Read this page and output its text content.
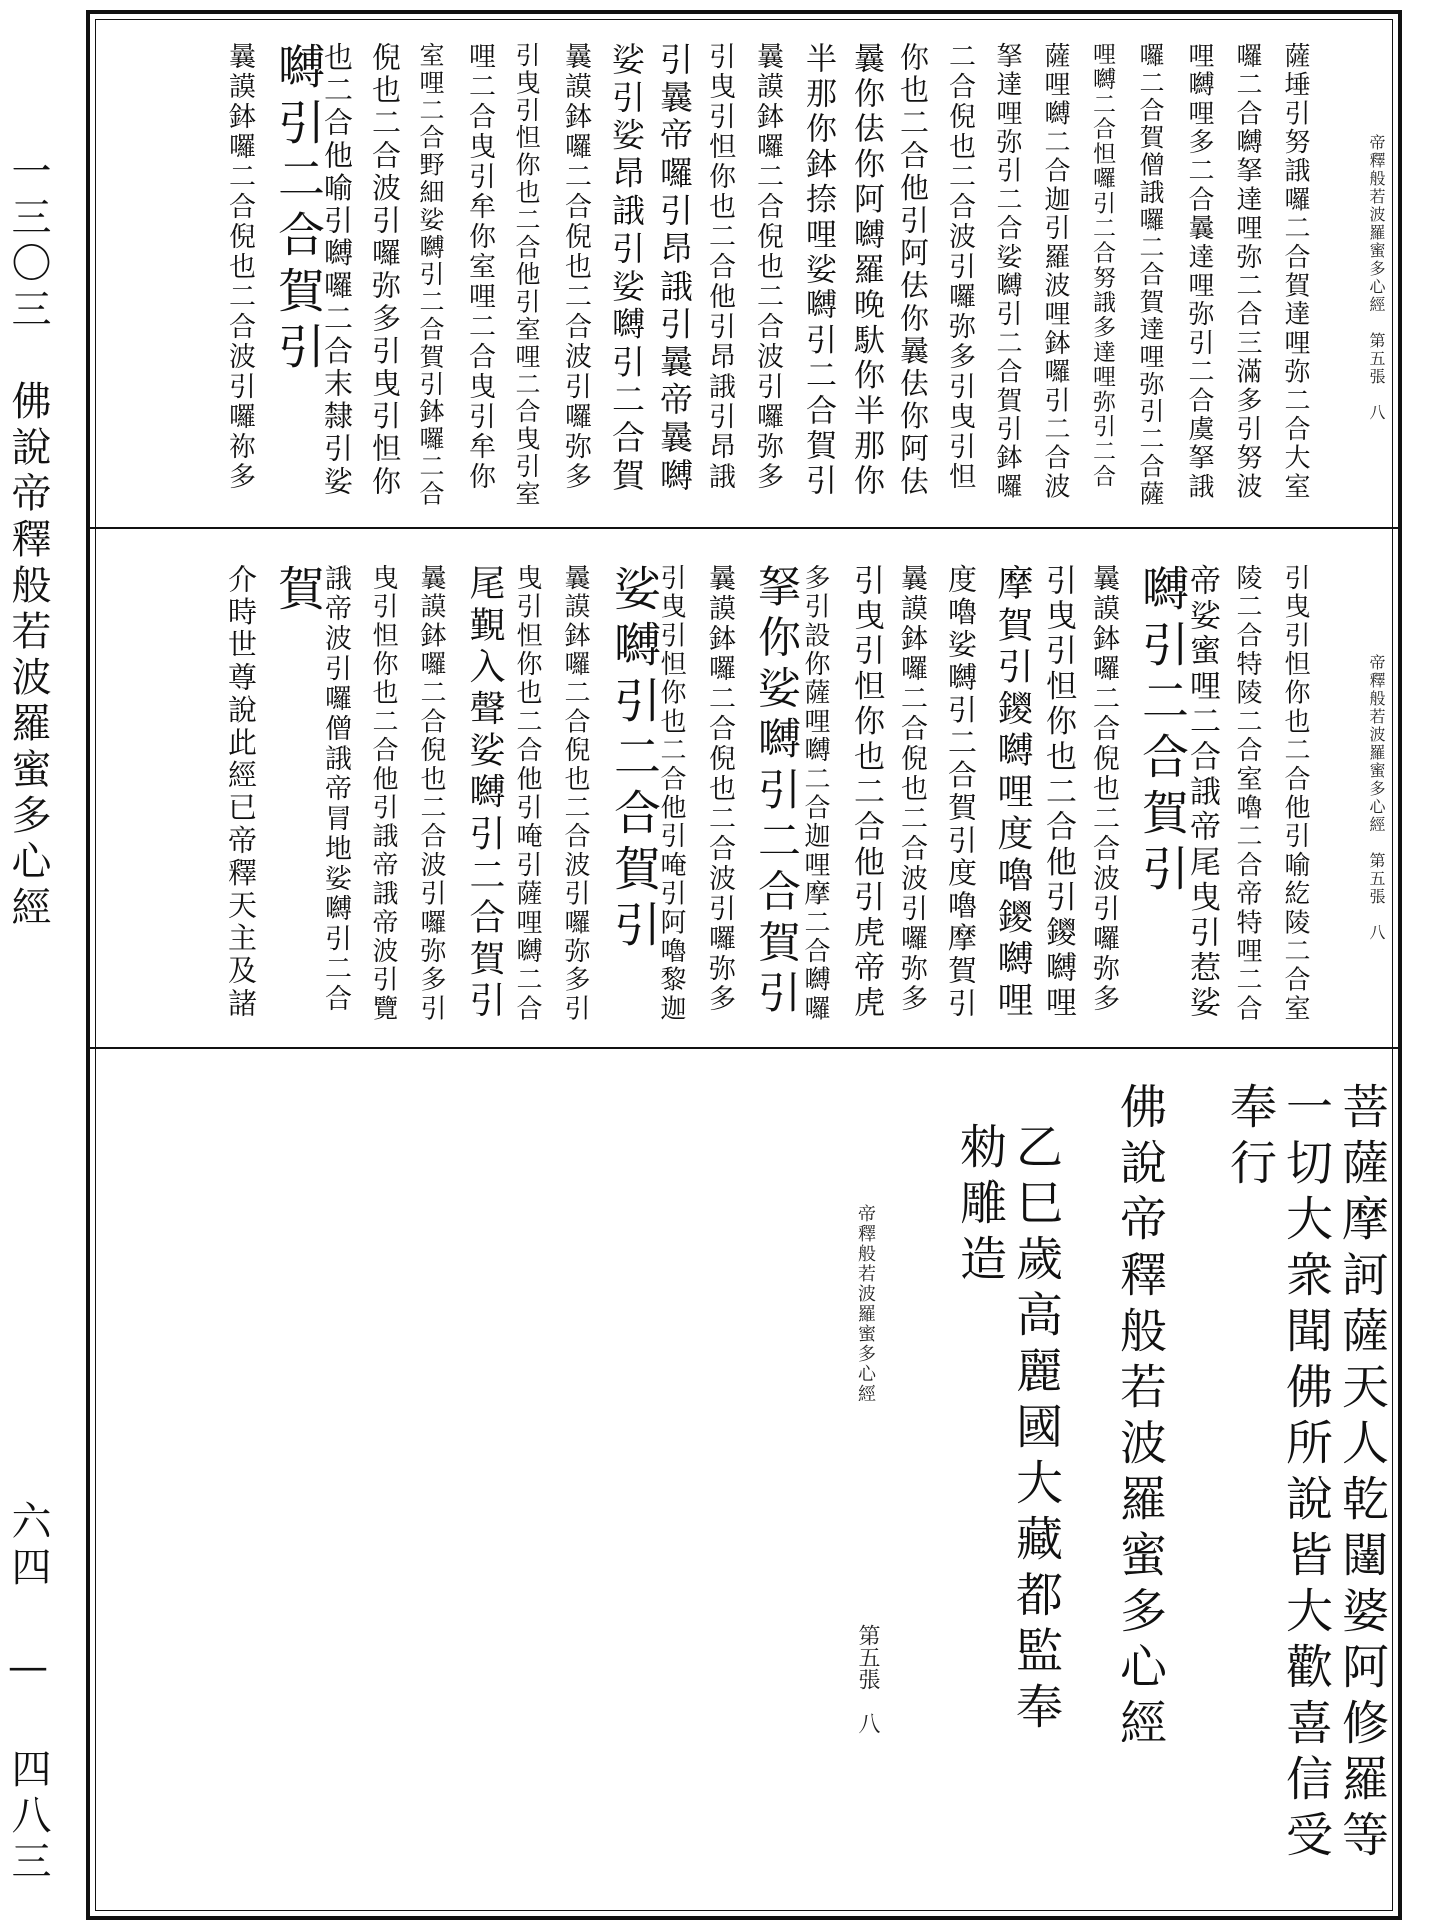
一三〇三　佛說帝釋般若波羅蜜多心經
六四 — 四八三
帝釋般若波羅蜜多心經　第五張　八
薩埵引努誐囉二合賀達哩弥二合大室
囉二合嚩拏達哩弥二合三滿多引努波
哩嚩哩多二合曩達哩弥引二合虞拏誐
囉二合賀僧誐囉二合賀達哩弥引二合薩
哩嚩二合怛囉引二合努誐多達哩弥引二合
薩哩嚩二合迦引羅波哩鉢囉引二合波
拏達哩弥引二合娑嚩引二合賀引鉢囉
二合倪也二合波引囉弥多引曳引怛
你也二合他引阿佉你曩佉你阿佉
曩你佉你阿嚩羅晚馱你半那你
半那你鉢捺哩娑嚩引二合賀引
曩謨鉢囉二合倪也二合波引囉弥多
引曳引怛你也二合他引昂誐引昂誐
引曩帝囉引昂誐引曩帝曩嚩
娑引娑昂誐引娑嚩引二合賀
曩謨鉢囉二合倪也二合波引囉弥多
引曳引怛你也二合他引室哩二合曳引室
哩二合曳引牟你室哩二合曳引牟你
室哩二合野細娑嚩引二合賀引鉢囉二合
倪也二合波引囉弥多引曳引怛你
也二合他喻引嚩囉二合末隸引娑
嚩引二合賀引
曩謨鉢囉二合倪也二合波引囉祢多
帝釋般若波羅蜜多心經　第五張　八
引曳引怛你也二合他引喻紇陵二合室
陵二合特陵二合室嚕二合帝特哩二合
帝娑蜜哩二合誐帝尾曳引惹娑
嚩引二合賀引
曩謨鉢囉二合倪也二合波引囉弥多
引曳引怛你也二合他引鑁嚩哩
摩賀引鑁嚩哩度嚕鑁嚩哩
度嚕娑嚩引二合賀引度嚕摩賀引
曩謨鉢囉二合倪也二合波引囉弥多
引曳引怛你也二合他引虎帝虎
多引設你薩哩嚩二合迦哩摩二合嚩囉
拏你娑嚩引二合賀引
曩謨鉢囉二合倪也二合波引囉弥多
引曳引怛你也二合他引唵引阿嚕黎迦
娑嚩引二合賀引
曩謨鉢囉二合倪也二合波引囉弥多引
曳引怛你也二合他引唵引薩哩嚩二合
尾覲入聲娑嚩引二合賀引
曩謨鉢囉二合倪也二合波引囉弥多引
曳引怛你也二合他引誐帝誐帝波引覽
誐帝波引囉僧誐帝冐地娑嚩引二合
賀
介時世尊說此經已帝釋天主及諸
菩薩摩訶薩天人乾闥婆阿修羅等
一切大衆聞佛所說皆大歡喜信受
奉行
佛說帝釋般若波羅蜜多心經
乙巳歲高麗國大藏都監奉
勑雕造
帝釋般若波羅蜜多心經
第五張　八
